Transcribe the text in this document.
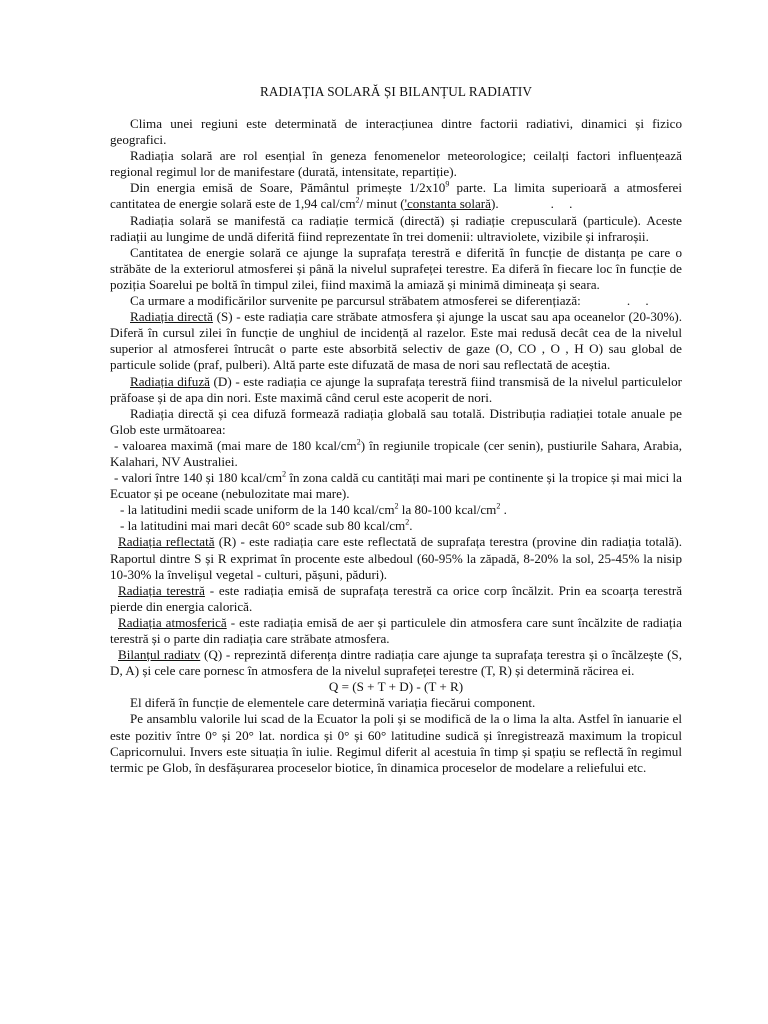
RADIAȚIA SOLARĂ ȘI BILANȚUL RADIATIV

Clima unei regiuni este determinată de interacțiunea dintre factorii radiativi, dinamici și fizico geografici.

Radiația solară are rol esențial în geneza fenomenelor meteorologice; ceilalți factori influențează regional regimul lor de manifestare (durată, intensitate, repartiție).

Din energia emisă de Soare, Pământul primește $1/2x10^9$ parte. La limita superioară a atmosferei cantitatea de energie solară este de 1,94 cal/$cm^2/$ minut ('constanta solară).	. .

Radiația solară se manifestă ca radiație termică (directă) și radiație crepusculară (particule). Aceste radiații au lungime de undă diferită fiind reprezentate în trei domenii: ultraviolete, vizibile și infraroșii.

Cantitatea de energie solară ce ajunge la suprafața terestră e diferită în funcție de distanța pe care o străbăte de la exteriorul atmosferei și până la nivelul suprafeței terestre. Ea diferă în fiecare loc în funcție de poziția Soarelui pe boltă în timpul zilei, fiind maximă la amiază și minimă dimineața și seara.

Ca urmare a modificărilor survenite pe parcursul străbatem atmosferei se diferențiază:	. .

Radiația directă (S) - este radiația care străbate atmosfera și ajunge la uscat sau apa oceanelor (20-30%). Diferă în cursul zilei în funcție de unghiul de incidență al razelor. Este mai redusă decât cea de la nivelul superior al atmosferei întrucât o parte este absorbită selectiv de gaze (O, CO , O , H O) sau global de particule solide (praf, pulberi). Altă parte este difuzată de masa de nori sau reflectată de aceștia.

Radiația difuză (D) - este radiația ce ajunge la suprafața terestră fiind transmisă de la nivelul particulelor prăfoase și de apa din nori. Este maximă când cerul este acoperit de nori.

Radiația directă și cea difuză formează radiația globală sau totală. Distribuția radiației totale anuale pe Glob este următoarea:

- valoarea maximă (mai mare de 180 kcal/$cm^2$) în regiunile tropicale (cer senin), pustiurile Sahara, Arabia, Kalahari, NV Australiei.

- valori între 140 și 180 kcal/$cm^2$ în zona caldă cu cantități mai mari pe continente și la tropice și mai mici la Ecuator și pe oceane (nebulozitate mai mare).

- la latitudini medii scade uniform de la 140 kcal/$cm^2$ la 80-100 kcal/$cm^2$ .

- la latitudini mai mari decât 60° scade sub 80 kcal/$cm^2$.

Radiația reflectată (R) - este radiația care este reflectată de suprafața terestra (provine din radiația totală). Raportul dintre S și R exprimat în procente este albedoul (60-95% la zăpadă, 8-20% la sol, 25-45% la nisip 10-30% la învelișul vegetal - culturi, pășuni, păduri).

Radiația terestră - este radiația emisă de suprafața terestră ca orice corp încălzit. Prin ea scoarța terestră pierde din energia calorică.

Radiația atmosferică - este radiația emisă de aer și particulele din atmosfera care sunt încălzite de radiația terestră și o parte din radiația care străbate atmosfera.

Bilanțul radiatv (Q) - reprezintă diferența dintre radiația care ajunge ta suprafața terestra și o încălzește (S, D, A) și cele care pornesc în atmosfera de la nivelul suprafeței terestre (T, R) și determină răcirea ei.

Q = (S + T + D) - (T + R)

El diferă în funcție de elementele care determină variația fiecărui component.

Pe ansamblu valorile lui scad de la Ecuator la poli și se modifică de la o lima la alta. Astfel în ianuarie el este pozitiv între 0° și 20° lat. nordica și 0° și 60° latitudine sudică și înregistrează maximum la tropicul Capricornului. Invers este situația în iulie. Regimul diferit al acestuia în timp și spațiu se reflectă în regimul termic pe Glob, în desfășurarea proceselor biotice, în dinamica proceselor de modelare a reliefului etc.
